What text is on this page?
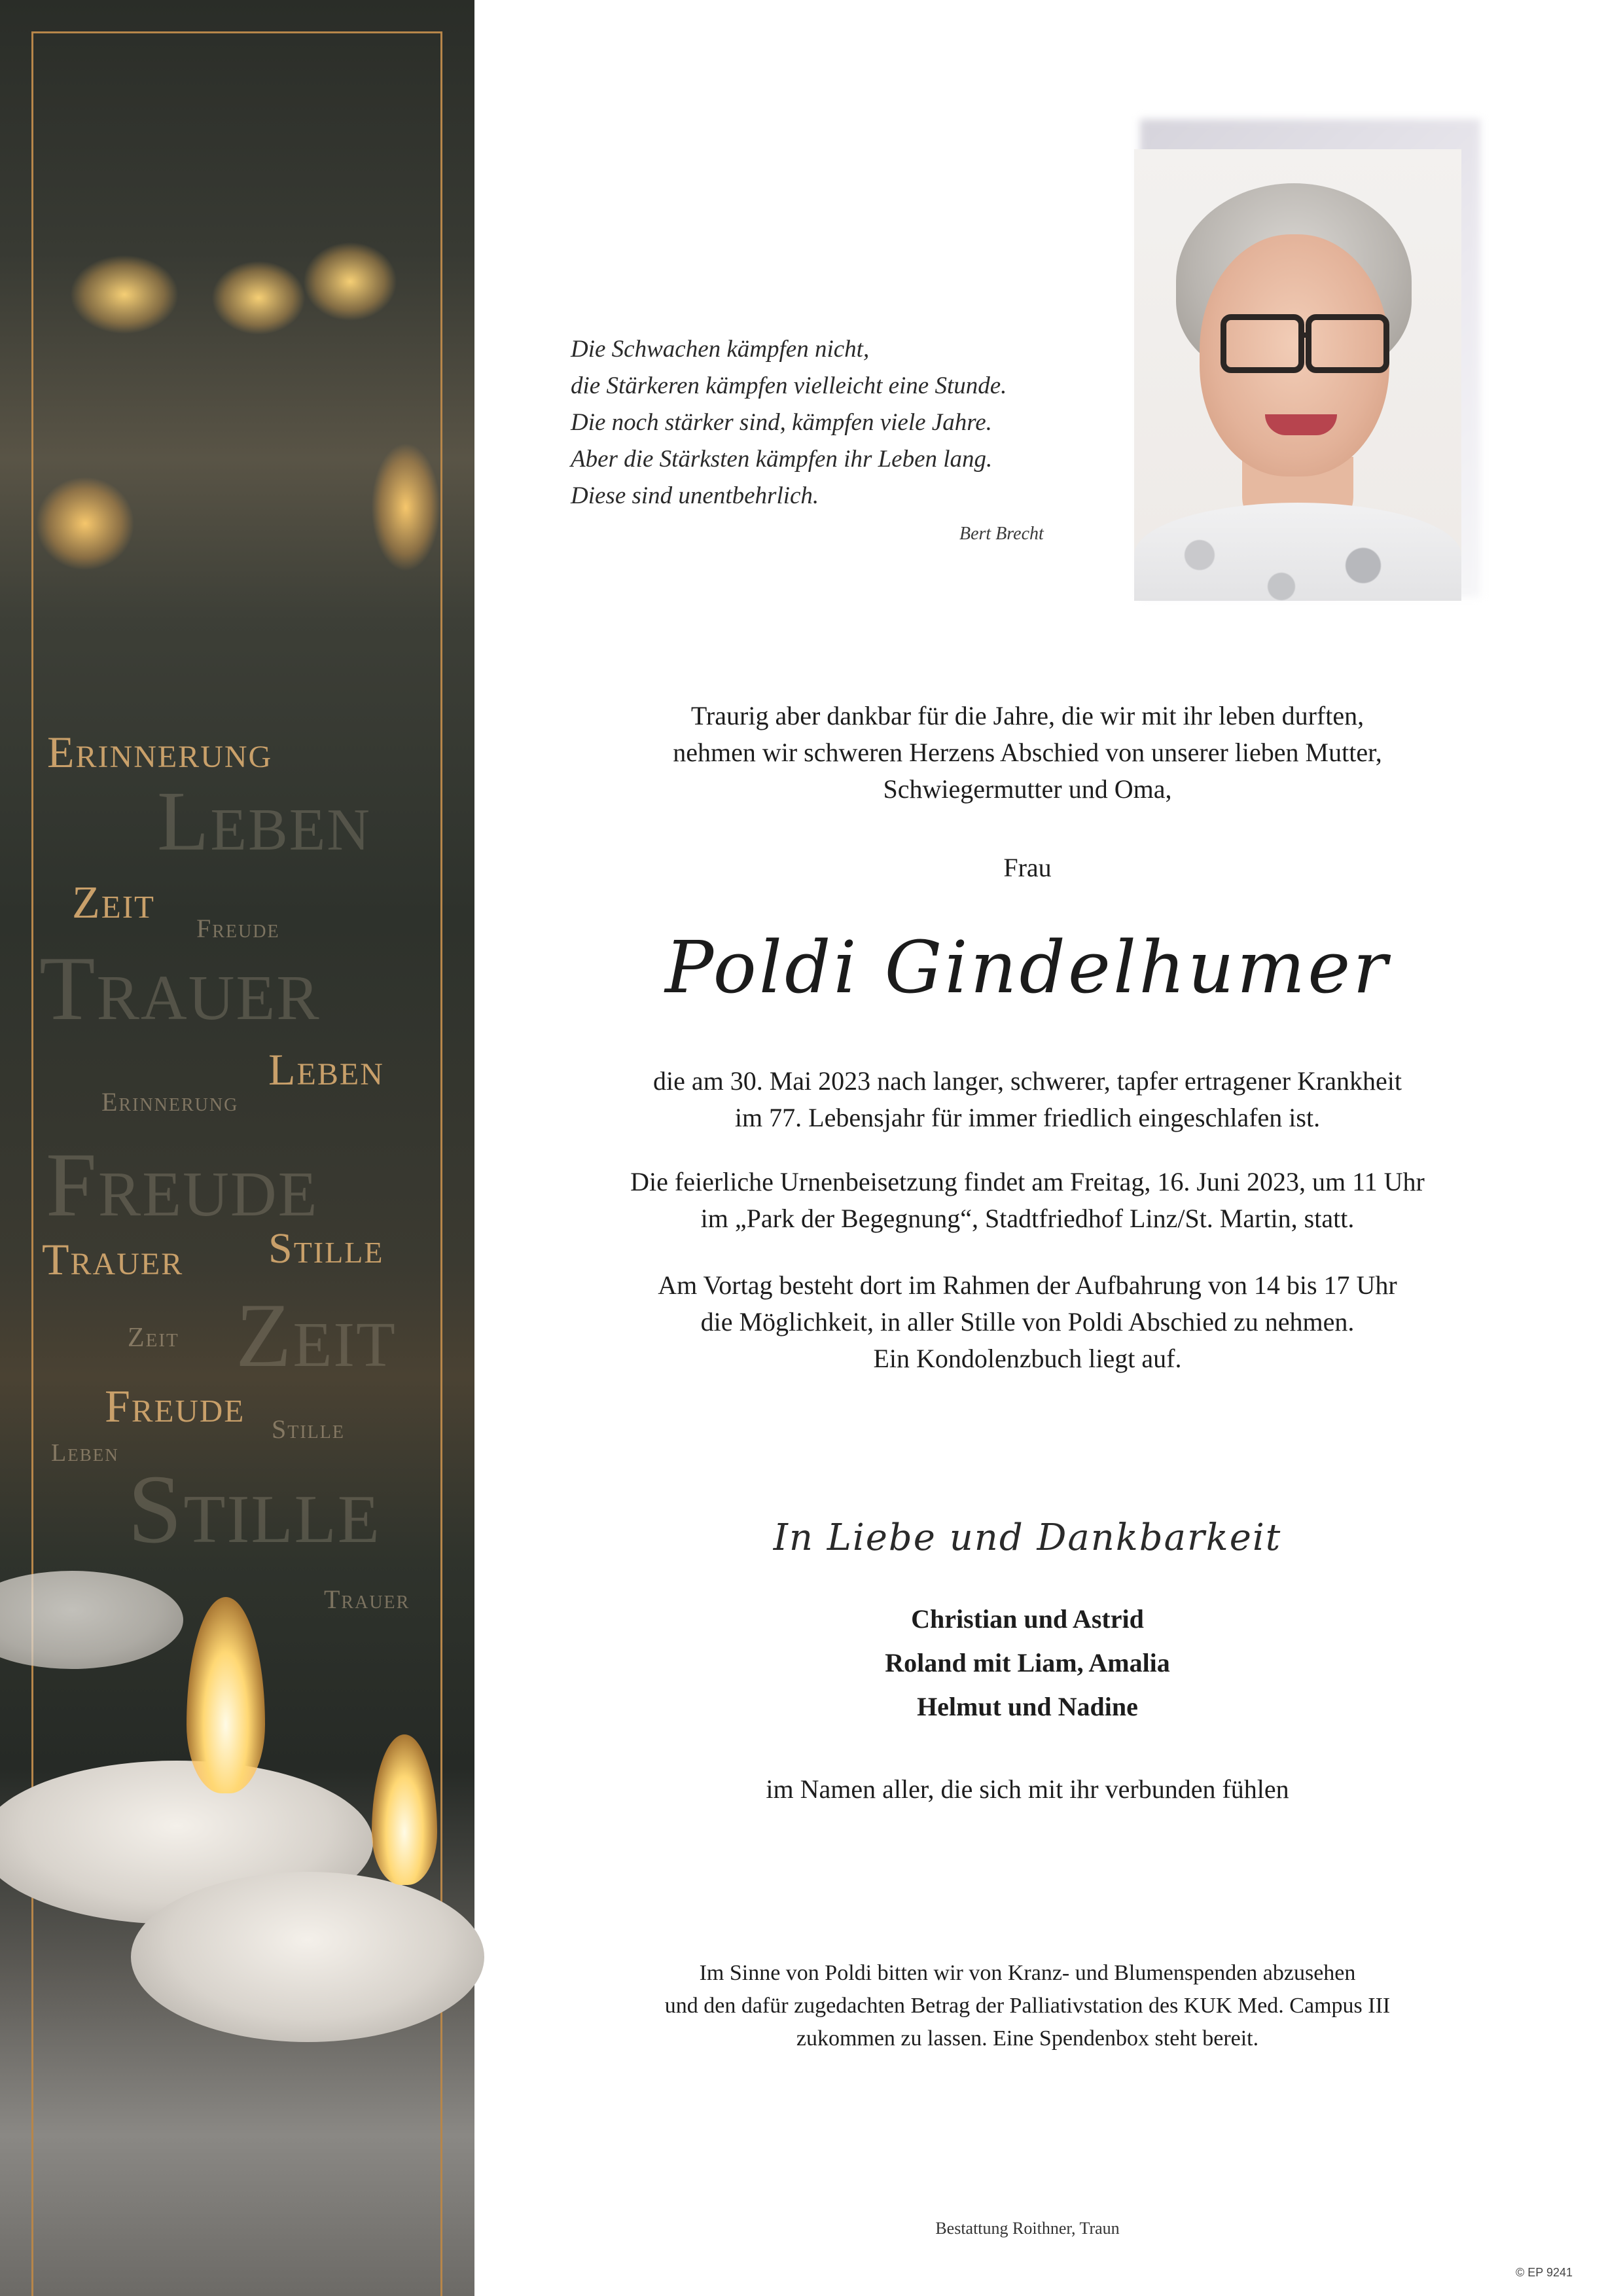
Erinnerung
Leben
Zeit
Freude
Trauer
Leben
Erinnerung
Freude
Trauer Stille
Zeit Zeit
Freude Stille
Leben
Stille
Trauer
Die Schwachen kämpfen nicht,
die Stärkeren kämpfen vielleicht eine Stunde.
Die noch stärker sind, kämpfen viele Jahre.
Aber die Stärksten kämpfen ihr Leben lang.
Diese sind unentbehrlich.
Bert Brecht
Traurig aber dankbar für die Jahre, die wir mit ihr leben durften,
nehmen wir schweren Herzens Abschied von unserer lieben Mutter,
Schwiegermutter und Oma,
Frau
Poldi Gindelhumer
die am 30. Mai 2023 nach langer, schwerer, tapfer ertragener Krankheit
im 77. Lebensjahr für immer friedlich eingeschlafen ist.
Die feierliche Urnenbeisetzung findet am Freitag, 16. Juni 2023, um 11 Uhr
im „Park der Begegnung“, Stadtfriedhof Linz/St. Martin, statt.
Am Vortag besteht dort im Rahmen der Aufbahrung von 14 bis 17 Uhr
die Möglichkeit, in aller Stille von Poldi Abschied zu nehmen.
Ein Kondolenzbuch liegt auf.
In Liebe und Dankbarkeit
Christian und Astrid
Roland mit Liam, Amalia
Helmut und Nadine
im Namen aller, die sich mit ihr verbunden fühlen
Im Sinne von Poldi bitten wir von Kranz- und Blumenspenden abzusehen
und den dafür zugedachten Betrag der Palliativstation des KUK Med. Campus III
zukommen zu lassen. Eine Spendenbox steht bereit.
Bestattung Roithner, Traun
© EP 9241
